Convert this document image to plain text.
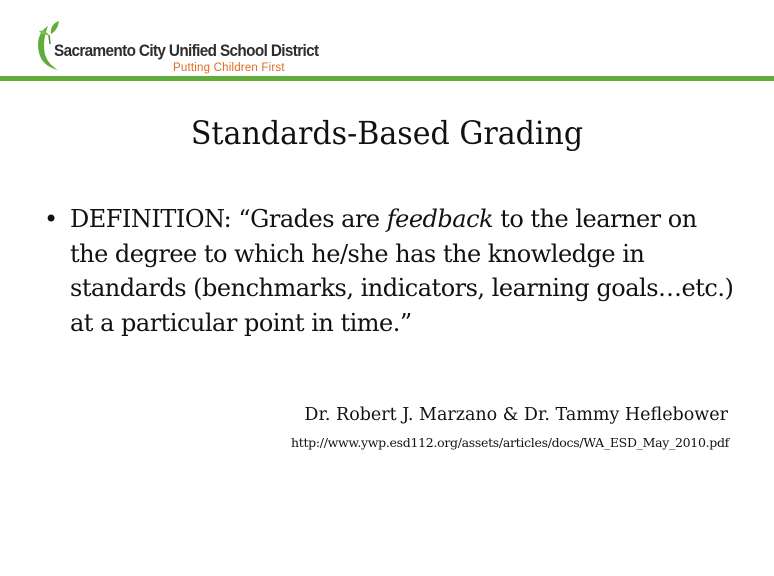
Sacramento City Unified School District
Putting Children First
Standards-Based Grading
• DEFINITION: “Grades are feedback to the learner on the degree to which he/she has the knowledge in standards (benchmarks, indicators, learning goals…etc.) at a particular point in time.”
Dr. Robert J. Marzano & Dr. Tammy Heflebower
http://www.ywp.esd112.org/assets/articles/docs/WA_ESD_May_2010.pdf
